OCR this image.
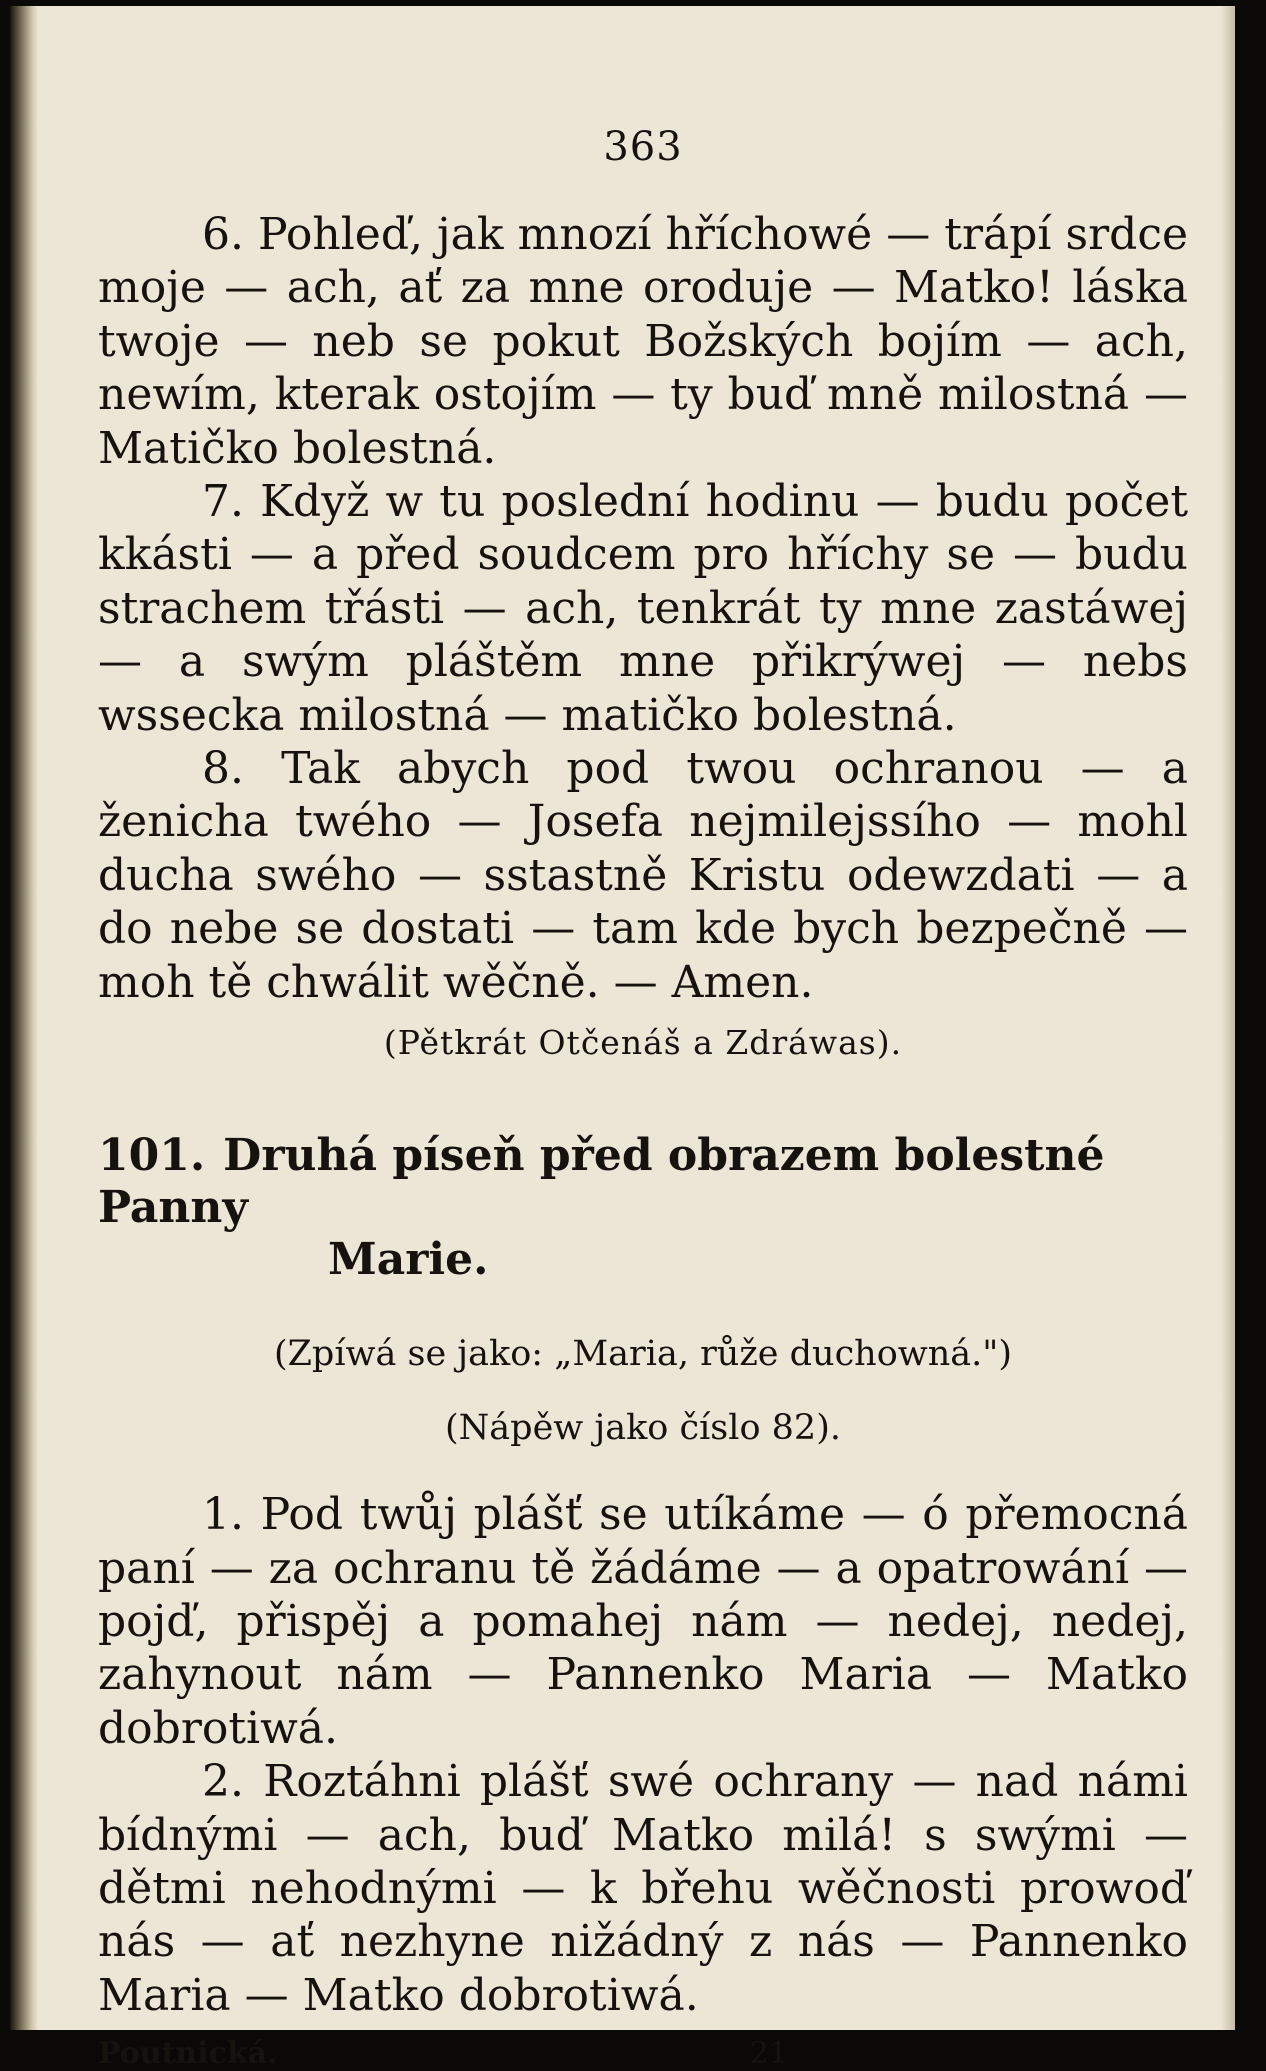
363

6. Pohleď, jak mnozí hříchowé — trápí srdce moje — ach, ať za mne oroduje — Matko! láska twoje — neb se pokut Božských bojím — ach, newím, kterak ostojím — ty buď mně milostná — Matičko bolestná.

7. Když w tu poslední hodinu — budu počet kkásti — a před soudcem pro hříchy se — budu strachem třásti — ach, tenkrát ty mne zastáwej — a swým pláštěm mne přikrýwej — nebs wssecka milostná — matičko bolestná.

8. Tak abych pod twou ochranou — a ženicha twého — Josefa nejmilejssího — mohl ducha swého — sstastně Kristu odewzdati — a do nebe se dostati — tam kde bych bezpečně — moh tě chwálit wěčně. — Amen.

(Pětkrát Otčenáš a Zdráwas).
101. Druhá píseň před obrazem bolestné Panny
Marie.
(Zpíwá se jako: „Maria, růže duchowná.")
(Nápěw jako číslo 82).

1. Pod twůj plášť se utíkáme — ó přemocná paní — za ochranu tě žádáme — a opatrowání — pojď, přispěj a pomahej nám — nedej, nedej, zahynout nám — Pannenko Maria — Matko dobrotiwá.

2. Roztáhni plášť swé ochrany — nad námi bídnými — ach, buď Matko milá! s swými — dětmi nehodnými — k břehu wěčnosti prowoď nás — ať nezhyne nižádný z nás — Pannenko Maria — Matko dobrotiwá.

Poutnická.	21
